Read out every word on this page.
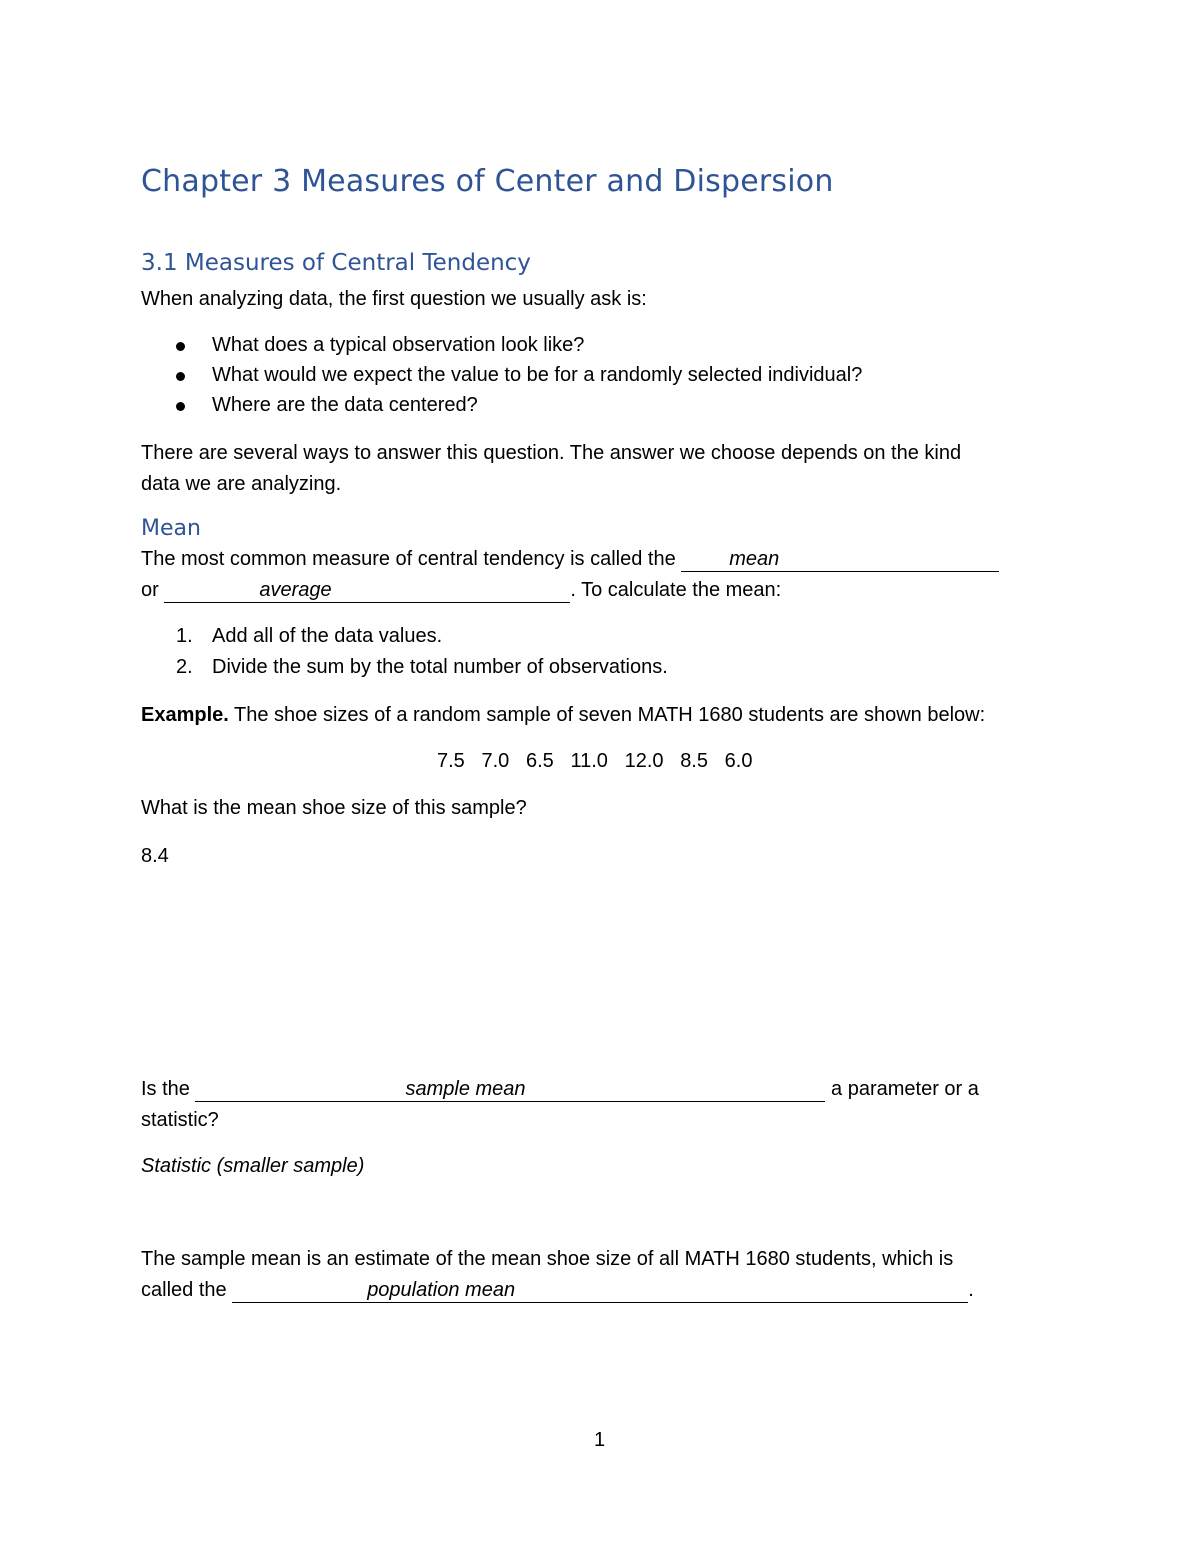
Chapter 3 Measures of Center and Dispersion
3.1 Measures of Central Tendency
When analyzing data, the first question we usually ask is:
What does a typical observation look like?
What would we expect the value to be for a randomly selected individual?
Where are the data centered?
There are several ways to answer this question. The answer we choose depends on the kind
data we are analyzing.
Mean
The most common measure of central tendency is called the	mean
or	average	. To calculate the mean:
1. Add all of the data values.
2. Divide the sum by the total number of observations.
Example. The shoe sizes of a random sample of seven MATH 1680 students are shown below:
7.5 7.0 6.5 11.0 12.0 8.5 6.0
What is the mean shoe size of this sample?
8.4
Is the	sample mean	a parameter or a
statistic?
Statistic (smaller sample)
The sample mean is an estimate of the mean shoe size of all MATH 1680 students, which is
called the	population mean	.
1
